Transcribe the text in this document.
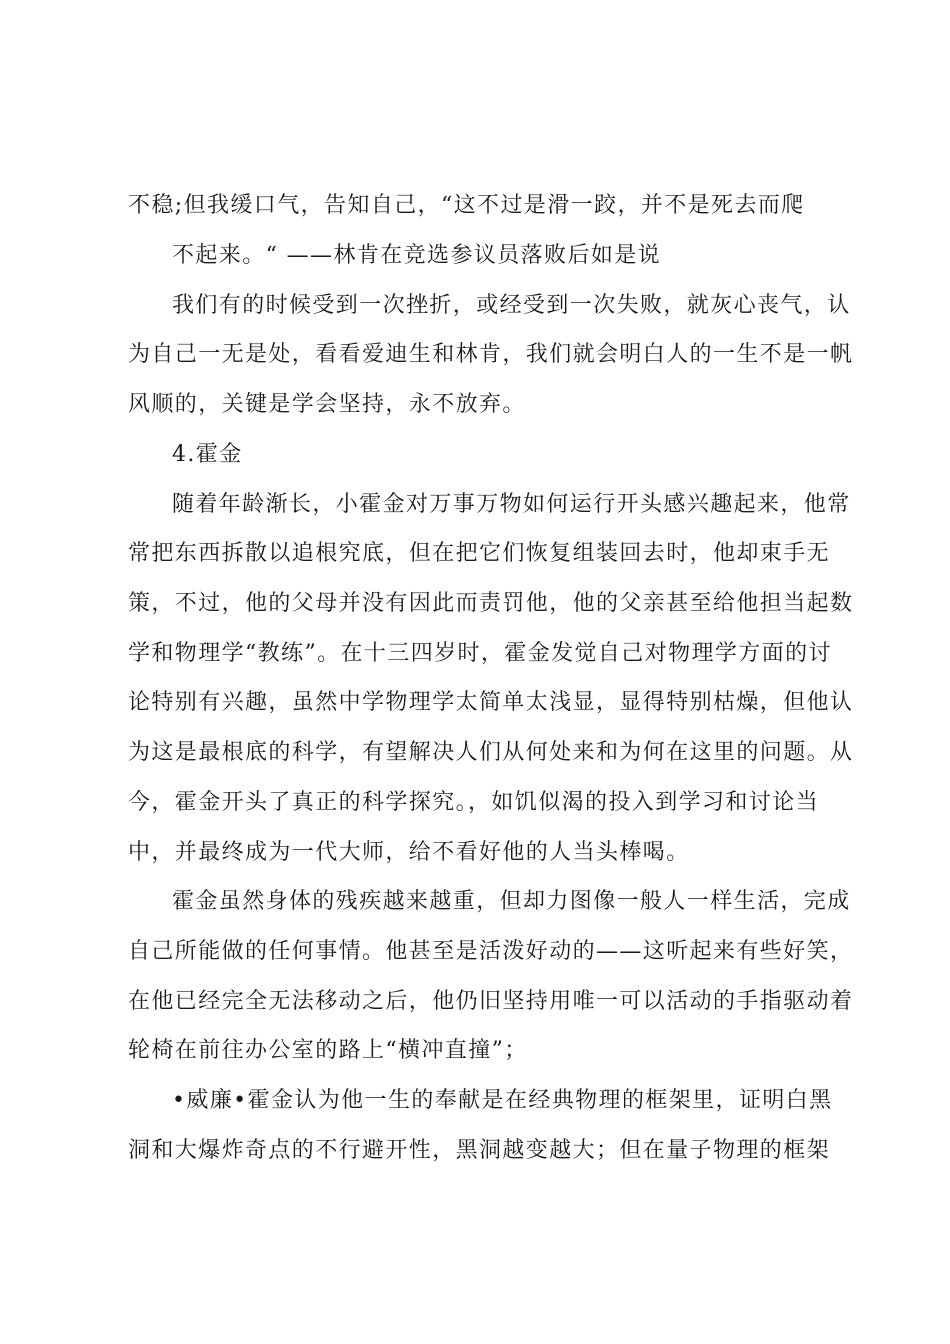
不稳;但我缓口气，告知自己，“这不过是滑一跤，并不是死去而爬
不起来。“ ——林肯在竞选参议员落败后如是说
我们有的时候受到一次挫折，或经受到一次失败，就灰心丧气，认
为自己一无是处，看看爱迪生和林肯，我们就会明白人的一生不是一帆
风顺的，关键是学会坚持，永不放弃。
4.霍金
随着年龄渐长，小霍金对万事万物如何运行开头感兴趣起来，他常
常把东西拆散以追根究底，但在把它们恢复组装回去时，他却束手无
策，不过，他的父母并没有因此而责罚他，他的父亲甚至给他担当起数
学和物理学“教练”。在十三四岁时，霍金发觉自己对物理学方面的讨
论特别有兴趣，虽然中学物理学太简单太浅显，显得特别枯燥，但他认
为这是最根底的科学，有望解决人们从何处来和为何在这里的问题。从
今，霍金开头了真正的科学探究。，如饥似渴的投入到学习和讨论当
中，并最终成为一代大师，给不看好他的人当头棒喝。
霍金虽然身体的残疾越来越重，但却力图像一般人一样生活，完成
自己所能做的任何事情。他甚至是活泼好动的——这听起来有些好笑，
在他已经完全无法移动之后，他仍旧坚持用唯一可以活动的手指驱动着
轮椅在前往办公室的路上“横冲直撞”；
•威廉•霍金认为他一生的奉献是在经典物理的框架里，证明白黑
洞和大爆炸奇点的不行避开性，黑洞越变越大；但在量子物理的框架
